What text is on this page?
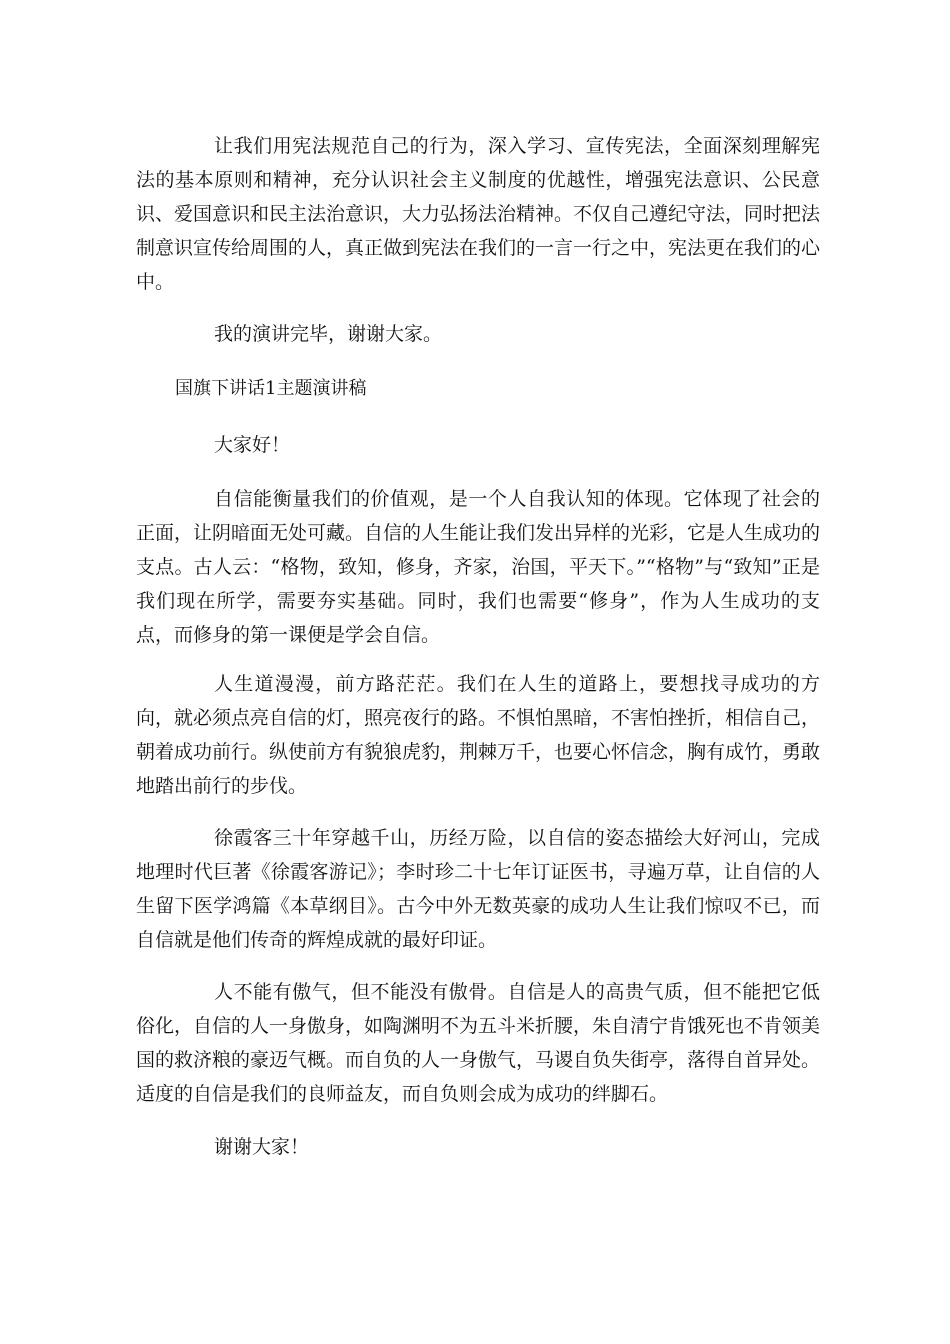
让我们用宪法规范自己的行为，深入学习、宣传宪法，全面深刻理解宪法的基本原则和精神，充分认识社会主义制度的优越性，增强宪法意识、公民意识、爱国意识和民主法治意识，大力弘扬法治精神。不仅自己遵纪守法，同时把法制意识宣传给周围的人，真正做到宪法在我们的一言一行之中，宪法更在我们的心中。

我的演讲完毕，谢谢大家。

国旗下讲话1主题演讲稿

大家好！

自信能衡量我们的价值观，是一个人自我认知的体现。它体现了社会的正面，让阴暗面无处可藏。自信的人生能让我们发出异样的光彩，它是人生成功的支点。古人云：“格物，致知，修身，齐家，治国，平天下。”“格物”与“致知”正是我们现在所学，需要夯实基础。同时，我们也需要“修身”，作为人生成功的支点，而修身的第一课便是学会自信。

人生道漫漫，前方路茫茫。我们在人生的道路上，要想找寻成功的方向，就必须点亮自信的灯，照亮夜行的路。不惧怕黑暗，不害怕挫折，相信自己，朝着成功前行。纵使前方有貌狼虎豹，荆棘万千，也要心怀信念，胸有成竹，勇敢地踏出前行的步伐。

徐霞客三十年穿越千山，历经万险，以自信的姿态描绘大好河山，完成地理时代巨著《徐霞客游记》；李时珍二十七年订证医书，寻遍万草，让自信的人生留下医学鸿篇《本草纲目》。古今中外无数英豪的成功人生让我们惊叹不已，而自信就是他们传奇的辉煌成就的最好印证。

人不能有傲气，但不能没有傲骨。自信是人的高贵气质，但不能把它低俗化，自信的人一身傲身，如陶渊明不为五斗米折腰，朱自清宁肯饿死也不肯领美国的救济粮的豪迈气概。而自负的人一身傲气，马谡自负失街亭，落得自首异处。适度的自信是我们的良师益友，而自负则会成为成功的绊脚石。

谢谢大家！
